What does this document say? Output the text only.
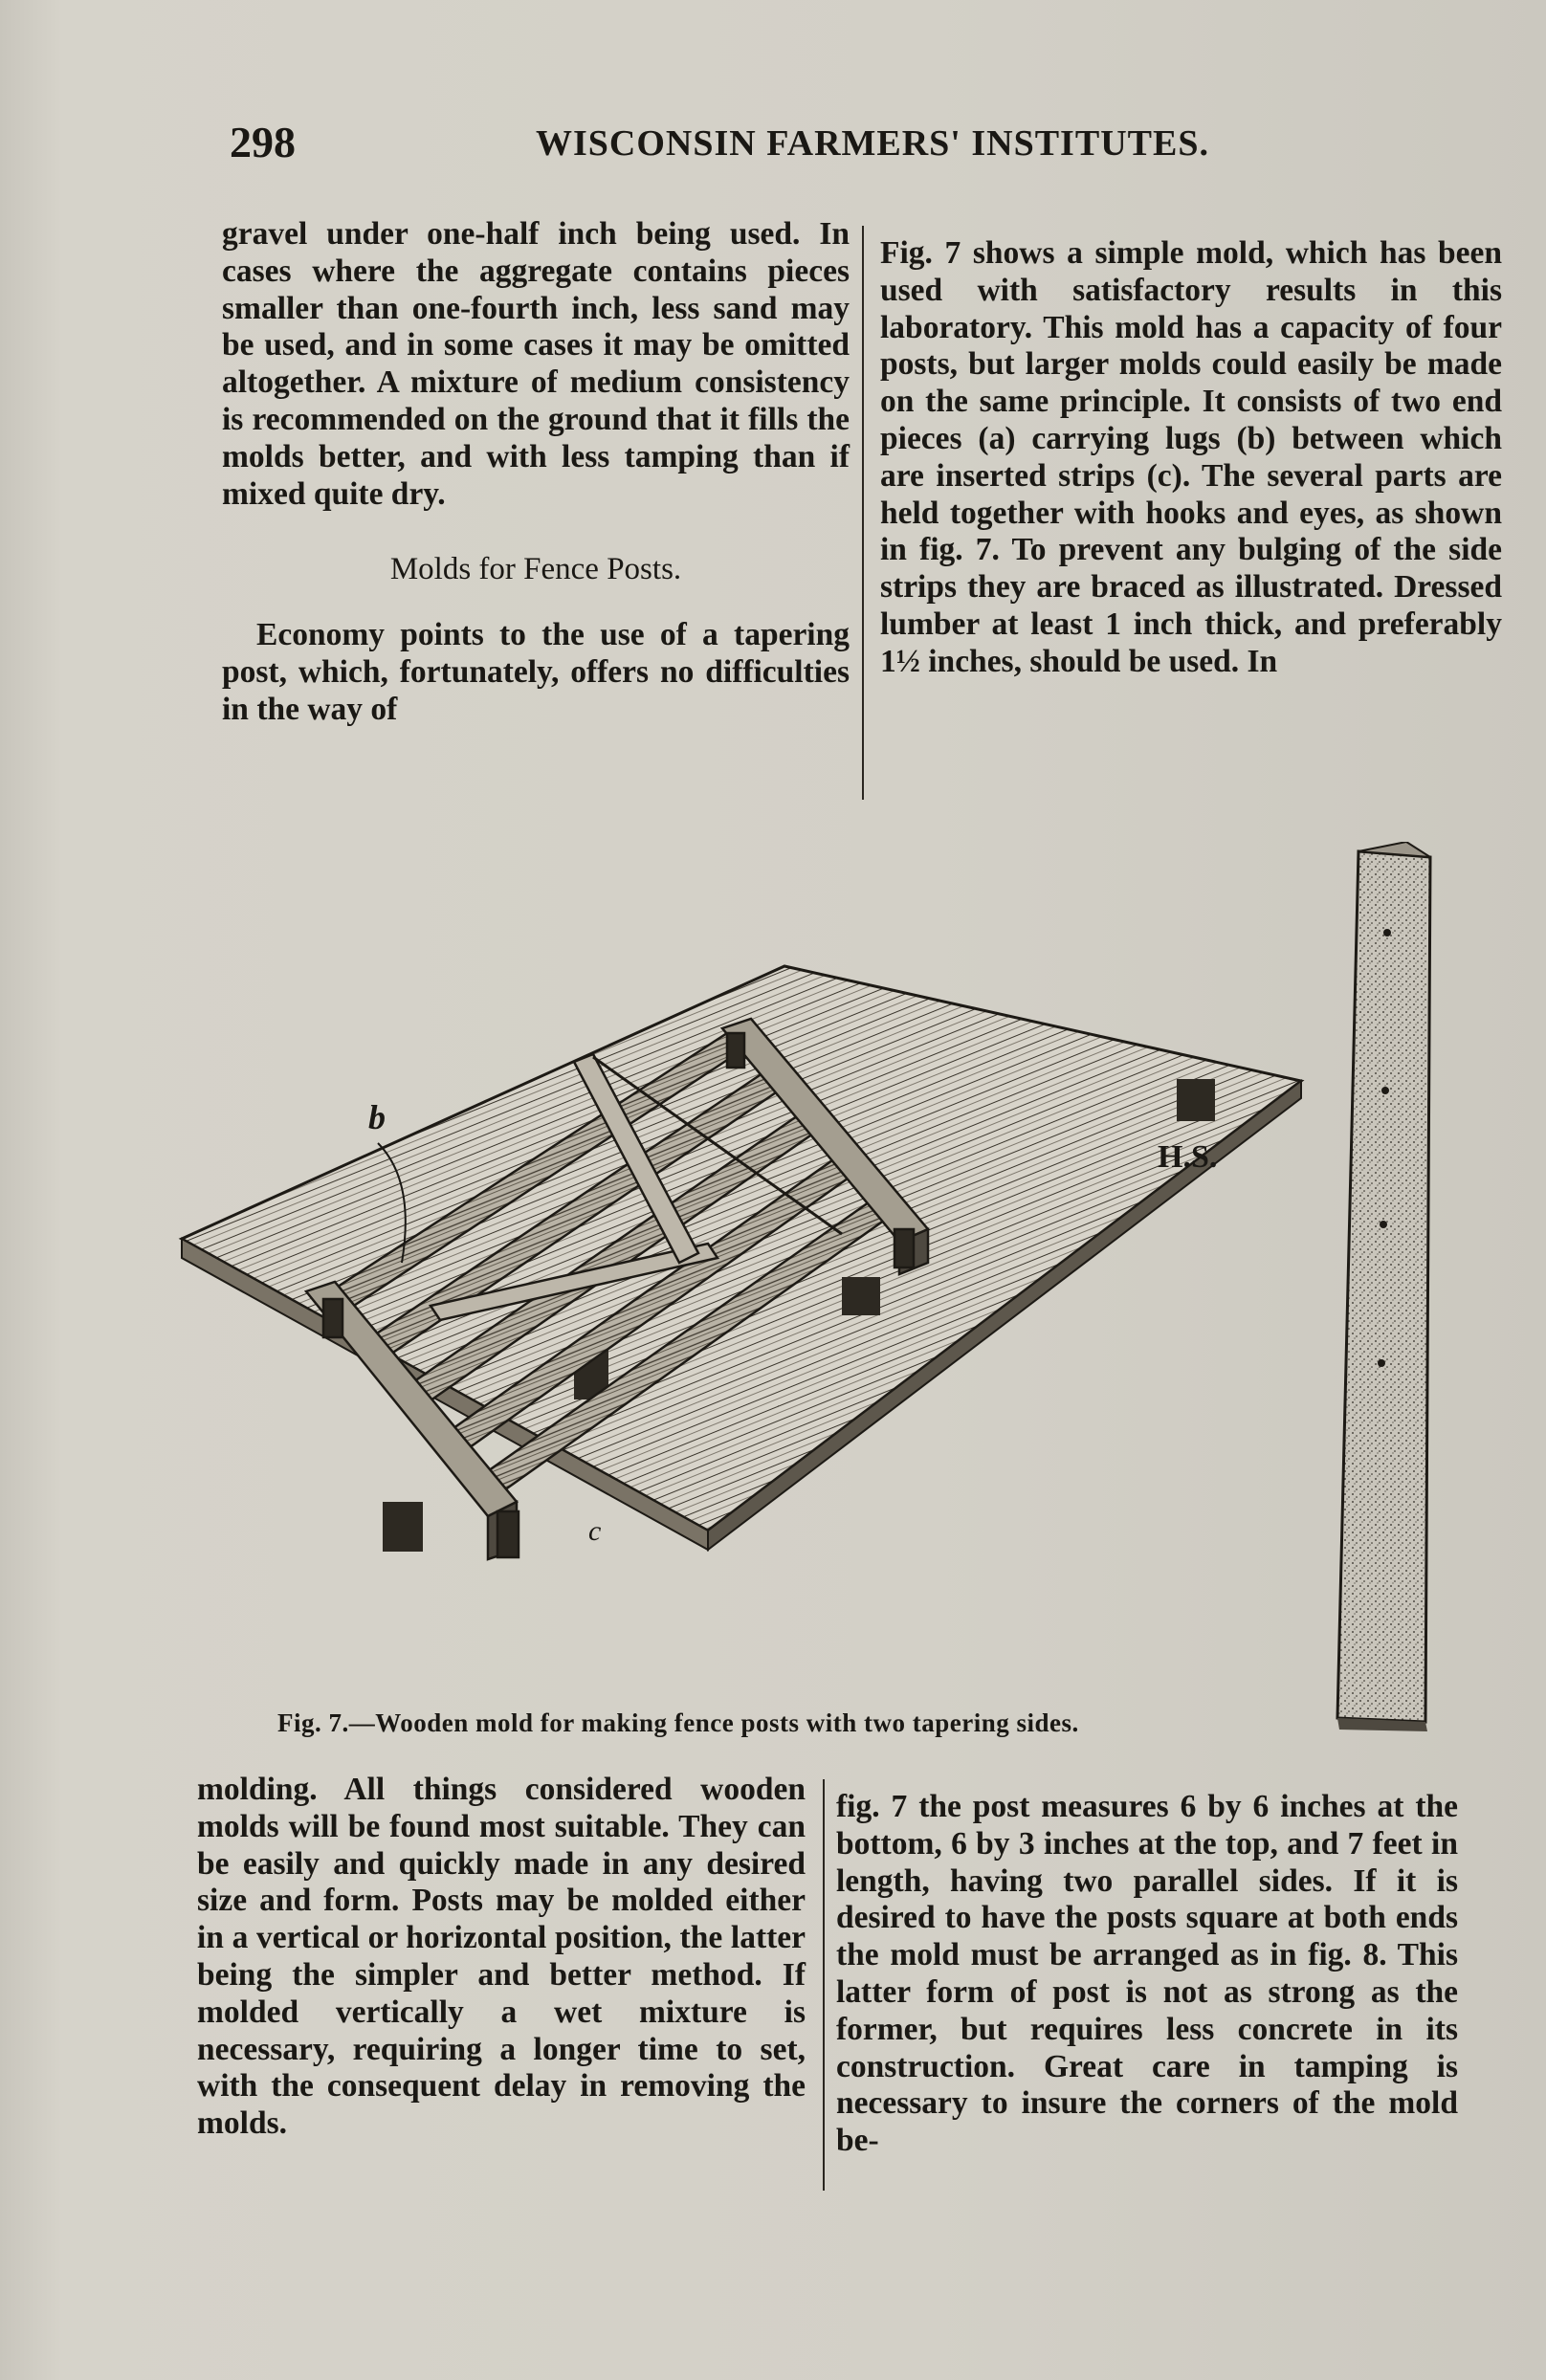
298	WISCONSIN FARMERS' INSTITUTES.

gravel under one-half inch being used. In cases where the aggregate contains pieces smaller than one-fourth inch, less sand may be used, and in some cases it may be omitted altogether. A mixture of medium consistency is recommended on the ground that it fills the molds better, and with less tamping than if mixed quite dry.

Molds for Fence Posts.

Economy points to the use of a tapering post, which, fortunately, offers no difficulties in the way of

Fig. 7 shows a simple mold, which has been used with satisfactory results in this laboratory. This mold has a capacity of four posts, but larger molds could easily be made on the same principle. It consists of two end pieces (a) carrying lugs (b) between which are inserted strips (c). The several parts are held together with hooks and eyes, as shown in fig. 7. To prevent any bulging of the side strips they are braced as illustrated. Dressed lumber at least 1 inch thick, and preferably 1½ inches, should be used. In

b
c
H.S.
Fig. 7.—Wooden mold for making fence posts with two tapering sides.

molding. All things considered wooden molds will be found most suitable. They can be easily and quickly made in any desired size and form. Posts may be molded either in a vertical or horizontal position, the latter being the simpler and better method. If molded vertically a wet mixture is necessary, requiring a longer time to set, with the consequent delay in removing the molds.

fig. 7 the post measures 6 by 6 inches at the bottom, 6 by 3 inches at the top, and 7 feet in length, having two parallel sides. If it is desired to have the posts square at both ends the mold must be arranged as in fig. 8. This latter form of post is not as strong as the former, but requires less concrete in its construction. Great care in tamping is necessary to insure the corners of the mold be-
